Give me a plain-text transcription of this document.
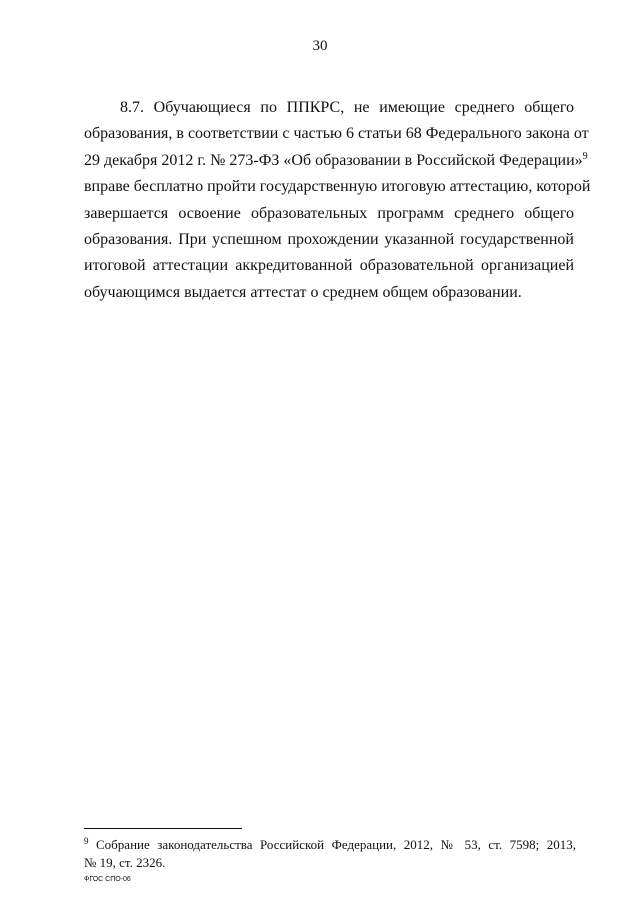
30
8.7. Обучающиеся по ППКРС, не имеющие среднего общего
образования, в соответствии с частью 6 статьи 68 Федерального закона от
29 декабря 2012 г. № 273-ФЗ «Об образовании в Российской Федерации»$^9$
вправе бесплатно пройти государственную итоговую аттестацию, которой
завершается освоение образовательных программ среднего общего
образования. При успешном прохождении указанной государственной
итоговой аттестации аккредитованной образовательной организацией
обучающимся выдается аттестат о среднем общем образовании.
$^9$ Собрание законодательства Российской Федерации, 2012, № 53, ст. 7598; 2013,
№ 19, ст. 2326.
ФГОС СПО-06
